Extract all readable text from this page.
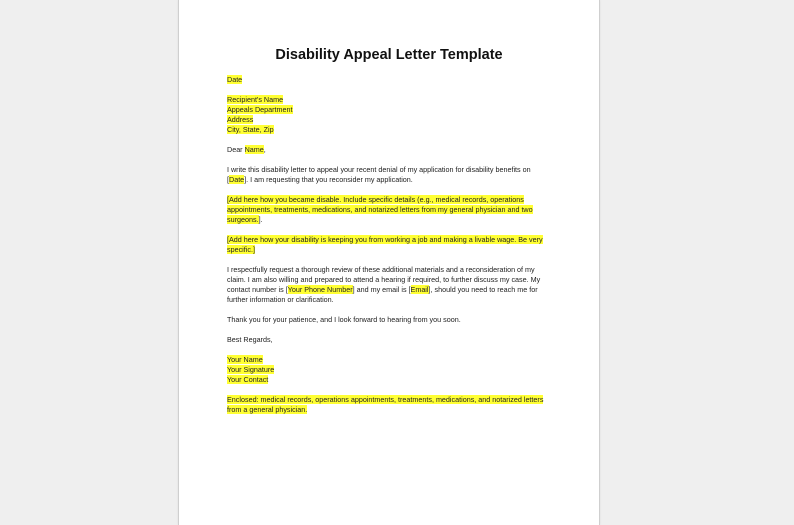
Disability Appeal Letter Template

Date

Recipient's Name
Appeals Department
Address
City, State, Zip

Dear Name,

I write this disability letter to appeal your recent denial of my application for disability benefits on [Date]. I am requesting that you reconsider my application.

[Add here how you became disable. Include specific details (e.g., medical records, operations appointments, treatments, medications, and notarized letters from my general physician and two surgeons.].

[Add here how your disability is keeping you from working a job and making a livable wage. Be very specific.]

I respectfully request a thorough review of these additional materials and a reconsideration of my claim. I am also willing and prepared to attend a hearing if required, to further discuss my case. My contact number is [Your Phone Number] and my email is [Email], should you need to reach me for further information or clarification.

Thank you for your patience, and I look forward to hearing from you soon.

Best Regards,

Your Name
Your Signature
Your Contact

Enclosed: medical records, operations appointments, treatments, medications, and notarized letters from a general physician.
